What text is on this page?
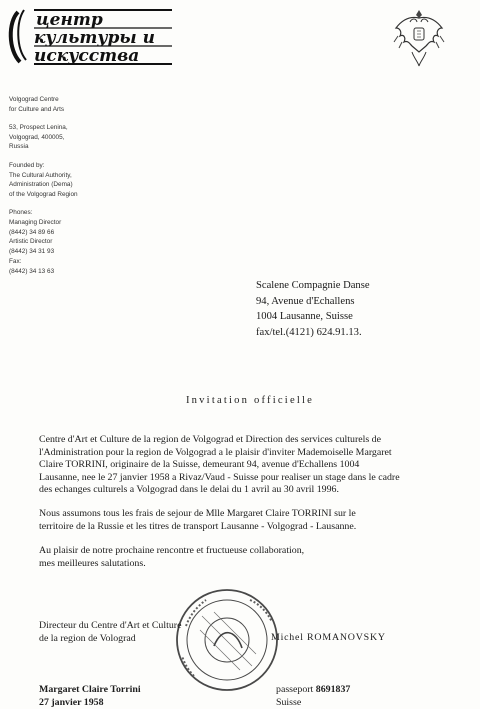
центр
культуры и
искусства
Volgograd Centre
for Culture and Arts
53, Prospect Lenina,
Volgograd, 400005,
Russia
Founded by:
The Cultural Authority,
Administration (Dema)
of the Volgograd Region
Phones:
Managing Director
(8442) 34 89 66
Artistic Director
(8442) 34 31 93
Fax:
(8442) 34 13 63
Scalene Compagnie Danse
94, Avenue d'Echallens
1004 Lausanne, Suisse
fax/tel.(4121) 624.91.13.
Invitation officielle

Centre d'Art et Culture de la region de Volgograd et Direction des services culturels de
l'Administration pour la region de Volgograd a le plaisir d'inviter Mademoiselle Margaret
Claire TORRINI, originaire de la Suisse, demeurant 94, avenue d'Echallens 1004
Lausanne, nee le 27 janvier 1958 a Rivaz/Vaud - Suisse pour realiser un stage dans le cadre
des echanges culturels a Volgograd dans le delai du 1 avril au 30 avril 1996.

Nous assumons tous les frais de sejour de Mlle Margaret Claire TORRINI sur le
territoire de la Russie et les titres de transport Lausanne - Volgograd - Lausanne.

Au plaisir de notre prochaine rencontre et fructueuse collaboration,
mes meilleures salutations.

Directeur du Centre d'Art et Culture
de la region de Volograd	Michel ROMANOVSKY
Margaret Claire Torrini
27 janvier 1958
passeport 8691837
Suisse
